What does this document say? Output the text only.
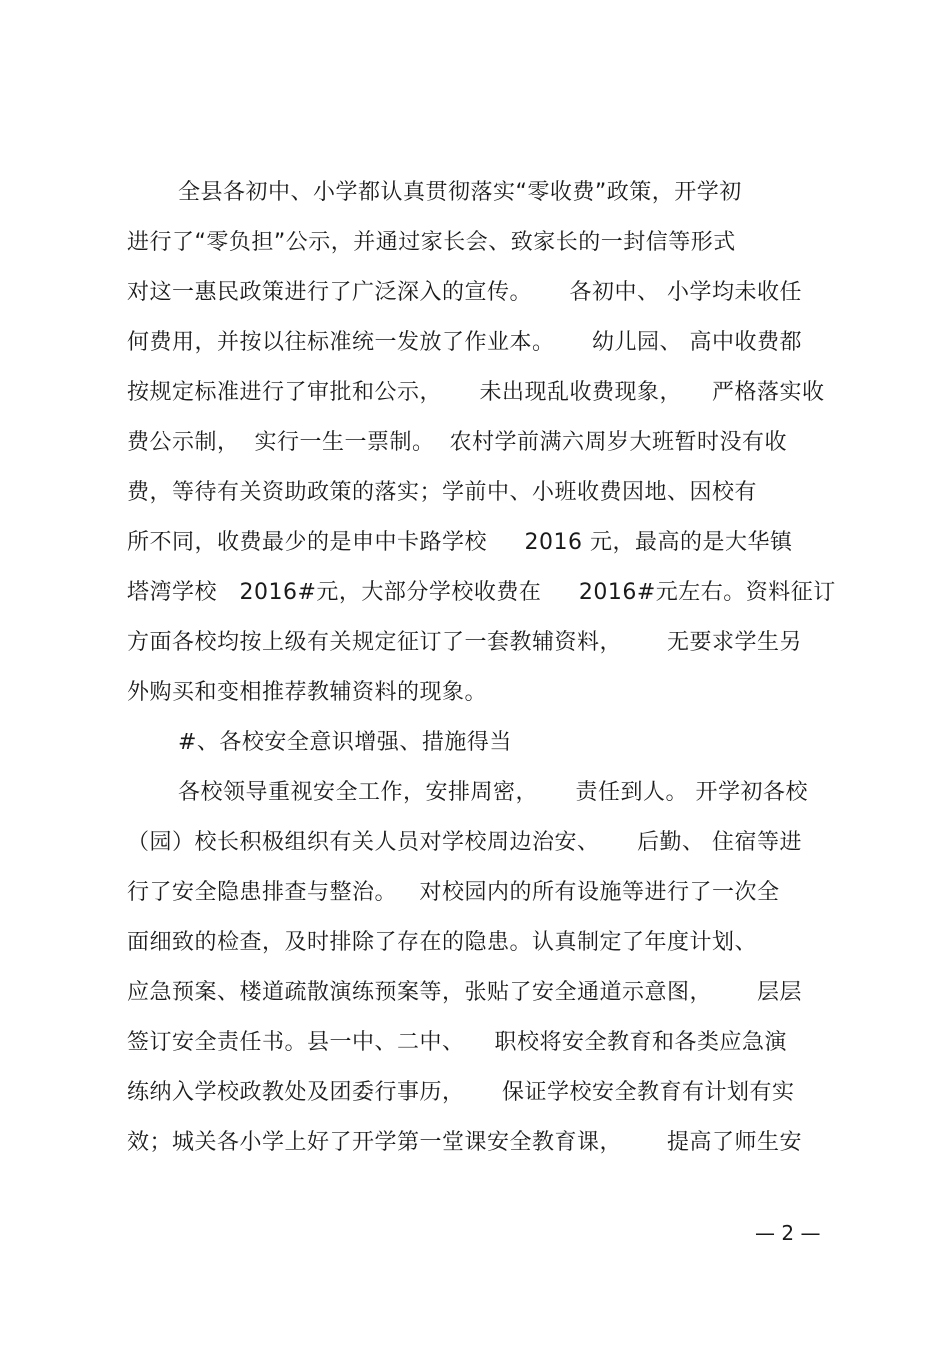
全县各初中、小学都认真贯彻落实“零收费”政策，开学初
进行了“零负担”公示，并通过家长会、致家长的一封信等形式
对这一惠民政策进行了广泛深入的宣传。     各初中、 小学均未收任
何费用，并按以往标准统一发放了作业本。     幼儿园、 高中收费都
按规定标准进行了审批和公示，     未出现乱收费现象，    严格落实收
费公示制，  实行一生一票制。  农村学前满六周岁大班暂时没有收
费，等待有关资助政策的落实；学前中、小班收费因地、因校有
所不同，收费最少的是申中卡路学校     2016 元，最高的是大华镇
塔湾学校   2016#元，大部分学校收费在     2016#元左右。资料征订
方面各校均按上级有关规定征订了一套教辅资料，      无要求学生另
外购买和变相推荐教辅资料的现象。
#、各校安全意识增强、措施得当
各校领导重视安全工作，安排周密，     责任到人。 开学初各校
（园）校长积极组织有关人员对学校周边治安、     后勤、 住宿等进
行了安全隐患排查与整治。   对校园内的所有设施等进行了一次全
面细致的检查，及时排除了存在的隐患。认真制定了年度计划、
应急预案、楼道疏散演练预案等，张贴了安全通道示意图，      层层
签订安全责任书。县一中、二中、    职校将安全教育和各类应急演
练纳入学校政教处及团委行事历，     保证学校安全教育有计划有实
效；城关各小学上好了开学第一堂课安全教育课，      提高了师生安
— 2 —
